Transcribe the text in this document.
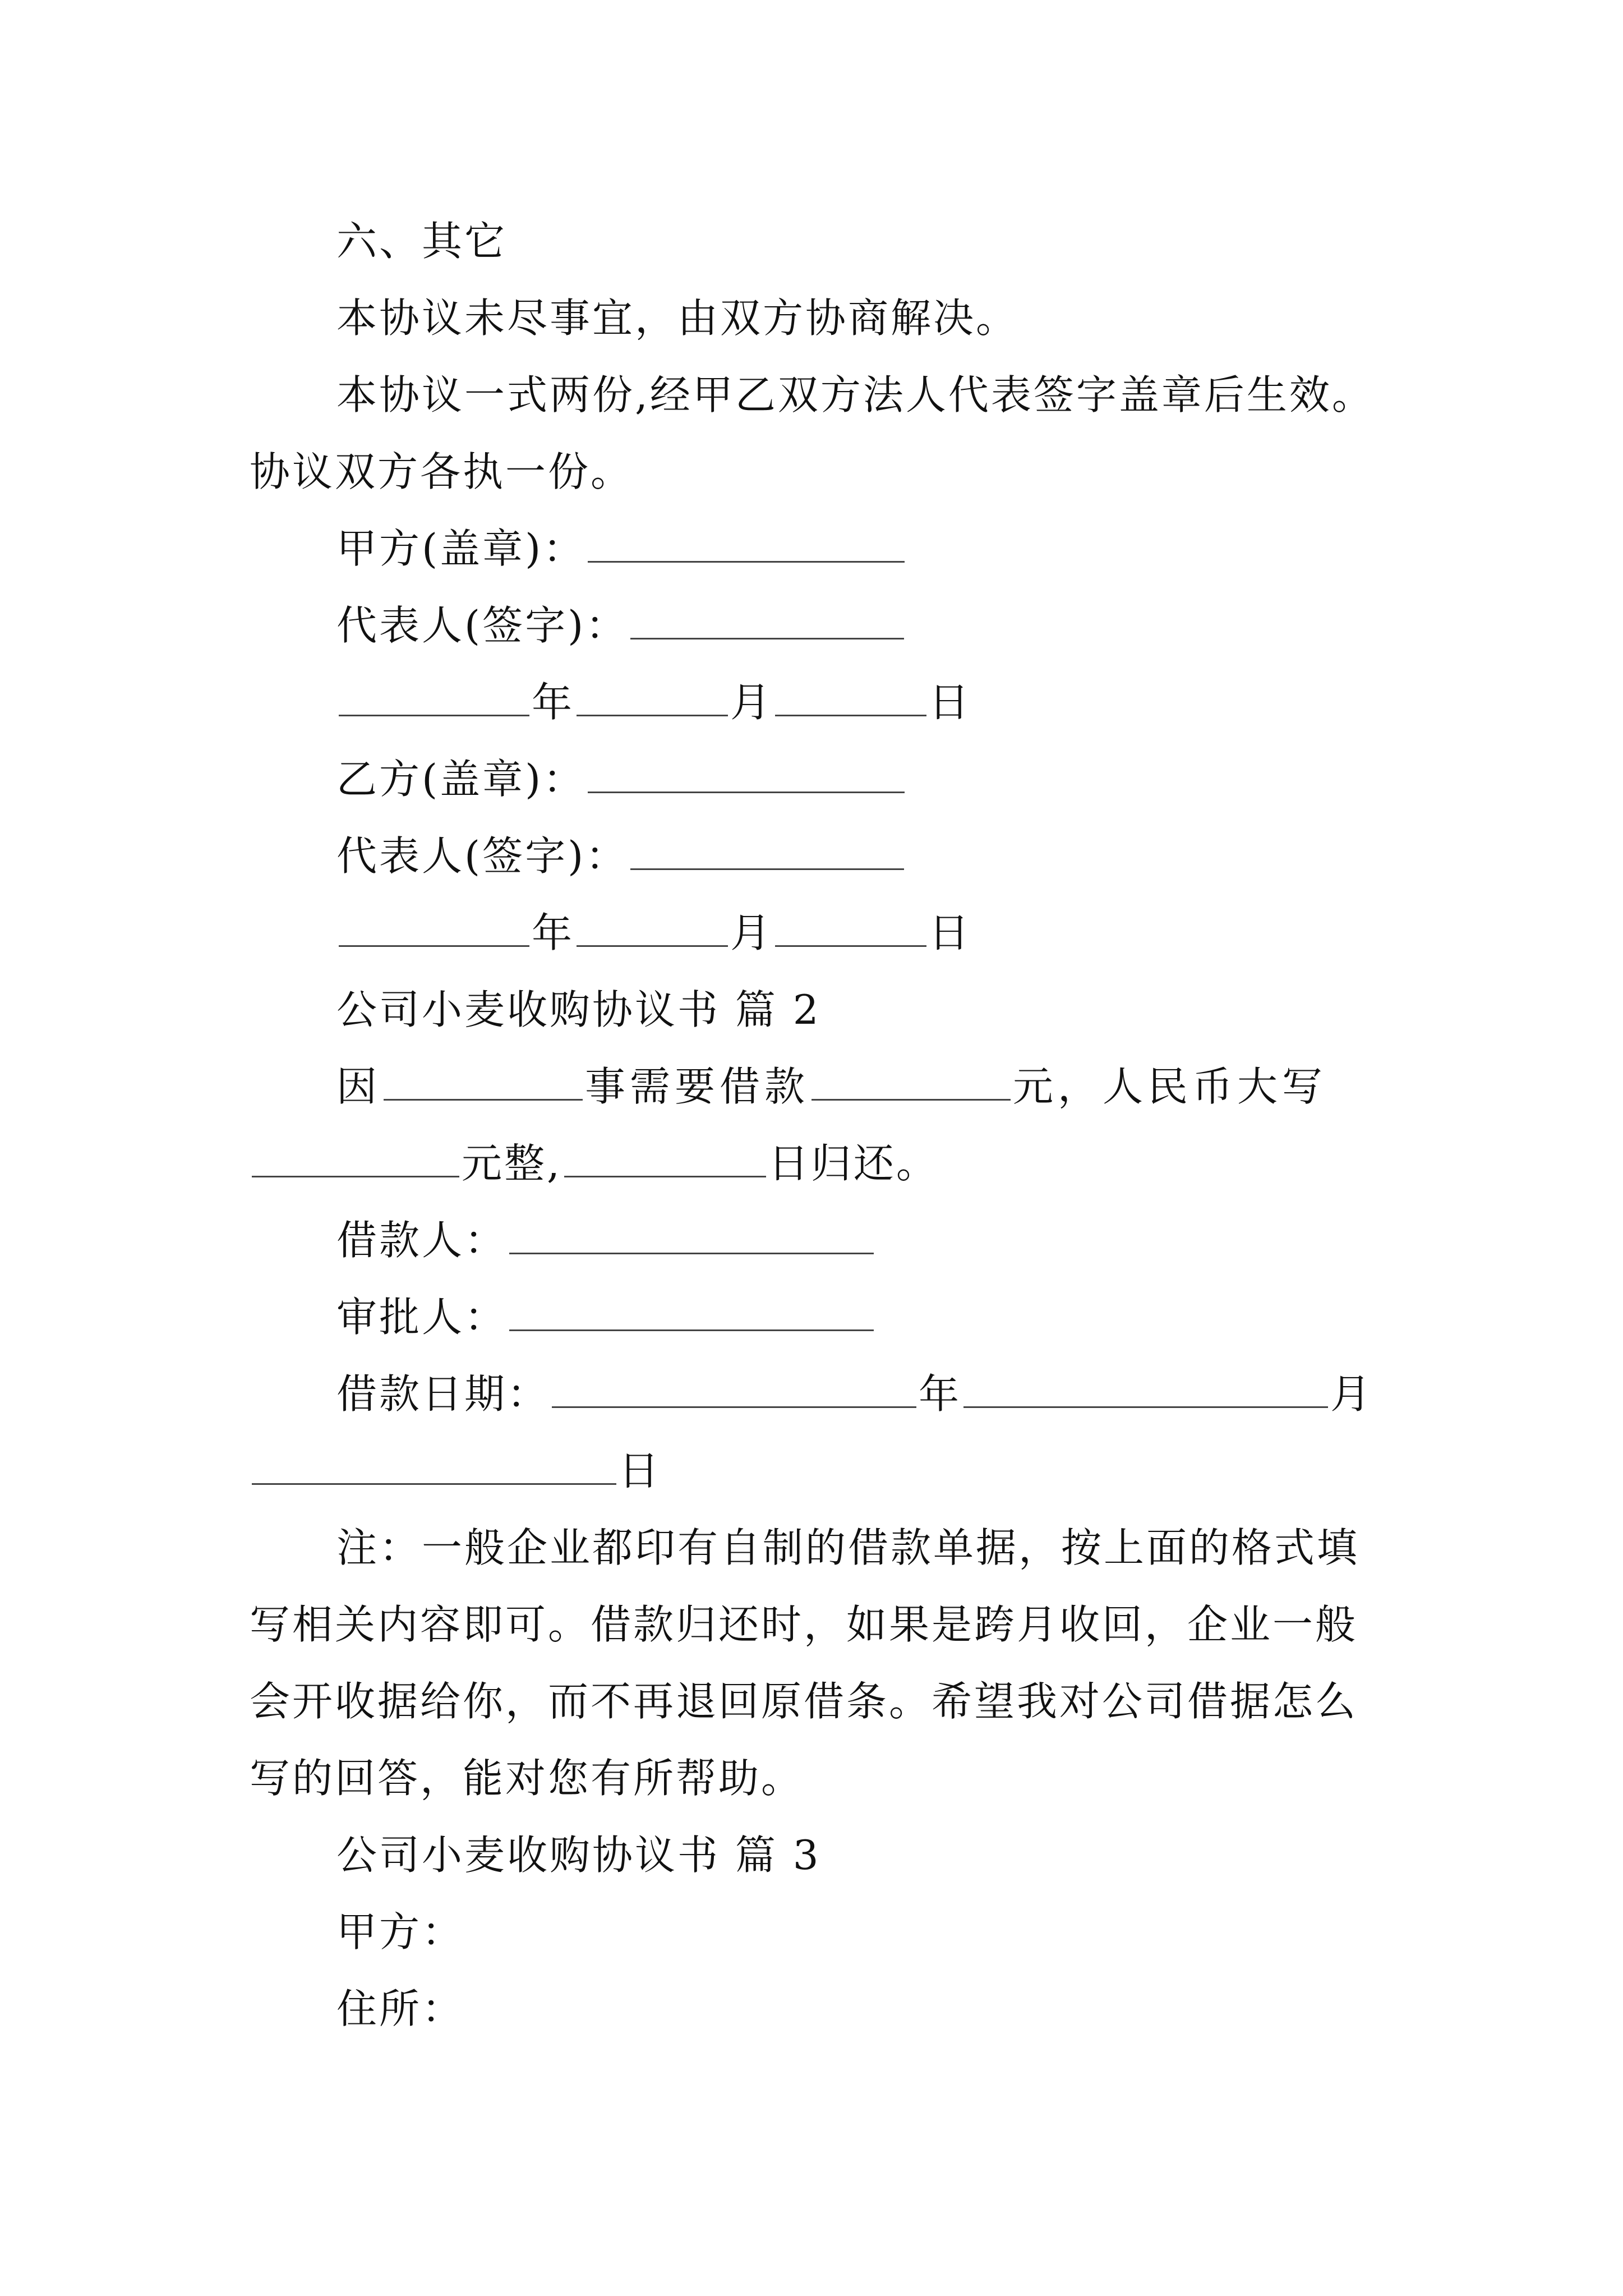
六、其它
本协议未尽事宜，由双方协商解决。
本协议一式两份,经甲乙双方法人代表签字盖章后生效。
协议双方各执一份。
甲方(盖章)：
代表人(签字)：
年	月	日
乙方(盖章)：
代表人(签字)：
年	月	日
公司小麦收购协议书 篇 2
因	事需要借款	元，人民币大写
元整,	日归还。
借款人：
审批人：
借款日期：	年	月
日
注：一般企业都印有自制的借款单据，按上面的格式填
写相关内容即可。借款归还时，如果是跨月收回，企业一般
会开收据给你，而不再退回原借条。希望我对公司借据怎么
写的回答，能对您有所帮助。
公司小麦收购协议书 篇 3
甲方：
住所：
